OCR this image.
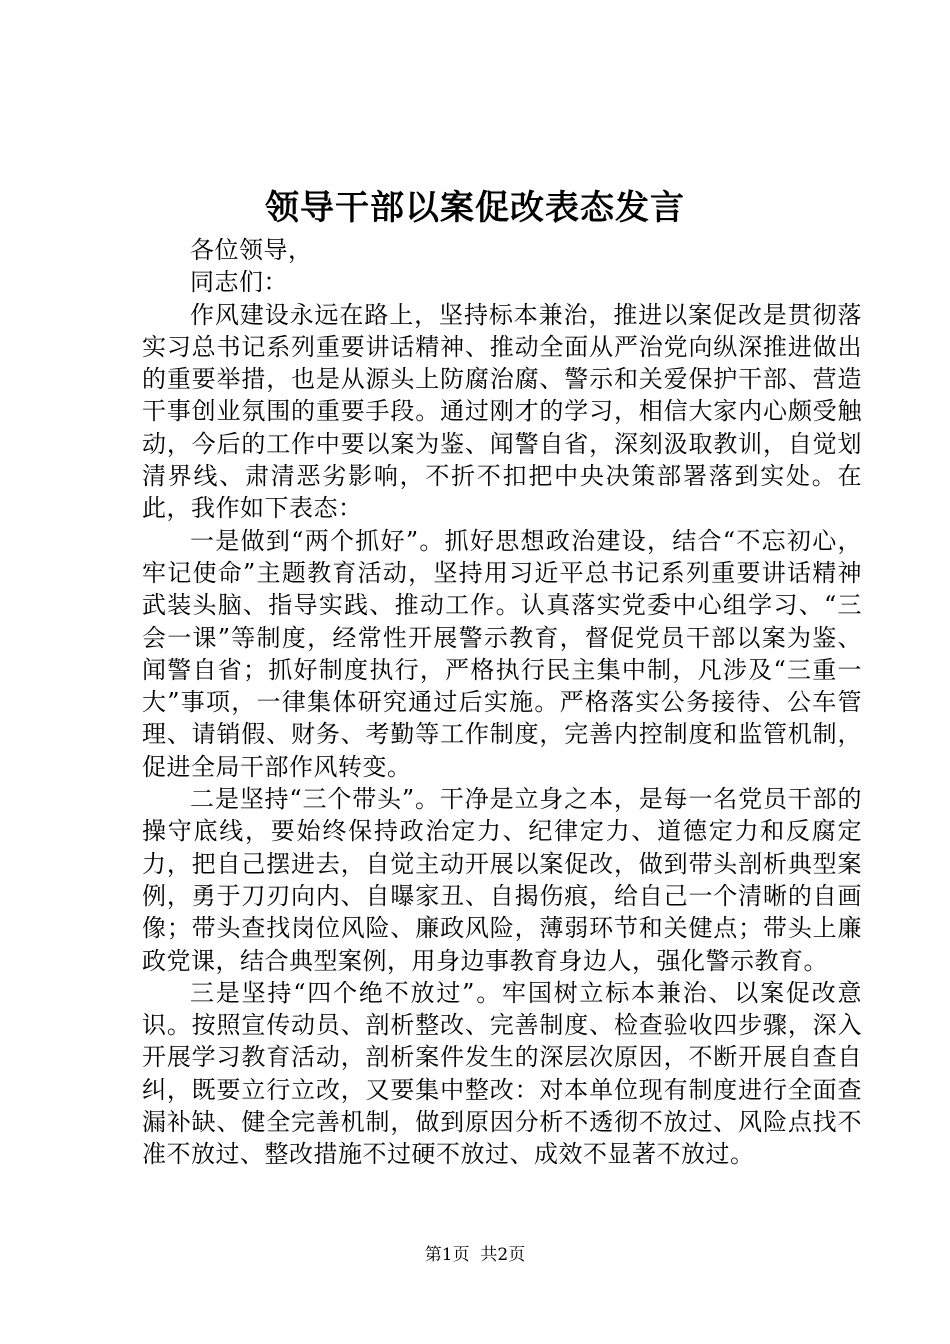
领导干部以案促改表态发言

各位领导，

同志们：

作风建设永远在路上，坚持标本兼治，推进以案促改是贯彻落实习总书记系列重要讲话精神、推动全面从严治党向纵深推进做出的重要举措，也是从源头上防腐治腐、警示和关爱保护干部、营造干事创业氛围的重要手段。通过刚才的学习，相信大家内心颇受触动，今后的工作中要以案为鉴、闻警自省，深刻汲取教训，自觉划清界线、肃清恶劣影响，不折不扣把中央决策部署落到实处。在此，我作如下表态：

一是做到“两个抓好”。抓好思想政治建设，结合“不忘初心，牢记使命”主题教育活动，坚持用习近平总书记系列重要讲话精神武装头脑、指导实践、推动工作。认真落实党委中心组学习、“三会一课”等制度，经常性开展警示教育，督促党员干部以案为鉴、闻警自省；抓好制度执行，严格执行民主集中制，凡涉及“三重一大”事项，一律集体研究通过后实施。严格落实公务接待、公车管理、请销假、财务、考勤等工作制度，完善内控制度和监管机制，促进全局干部作风转变。

二是坚持“三个带头”。干净是立身之本，是每一名党员干部的操守底线，要始终保持政治定力、纪律定力、道德定力和反腐定力，把自己摆进去，自觉主动开展以案促改，做到带头剖析典型案例，勇于刀刃向内、自曝家丑、自揭伤痕，给自己一个清晰的自画像；带头查找岗位风险、廉政风险，薄弱环节和关健点；带头上廉政党课，结合典型案例，用身边事教育身边人，强化警示教育。

三是坚持“四个绝不放过”。牢国树立标本兼治、以案促改意识。按照宣传动员、剖析整改、完善制度、检查验收四步骤，深入开展学习教育活动，剖析案件发生的深层次原因，不断开展自查自纠，既要立行立改，又要集中整改：对本单位现有制度进行全面查漏补缺、健全完善机制，做到原因分析不透彻不放过、风险点找不准不放过、整改措施不过硬不放过、成效不显著不放过。

第1页 共2页
